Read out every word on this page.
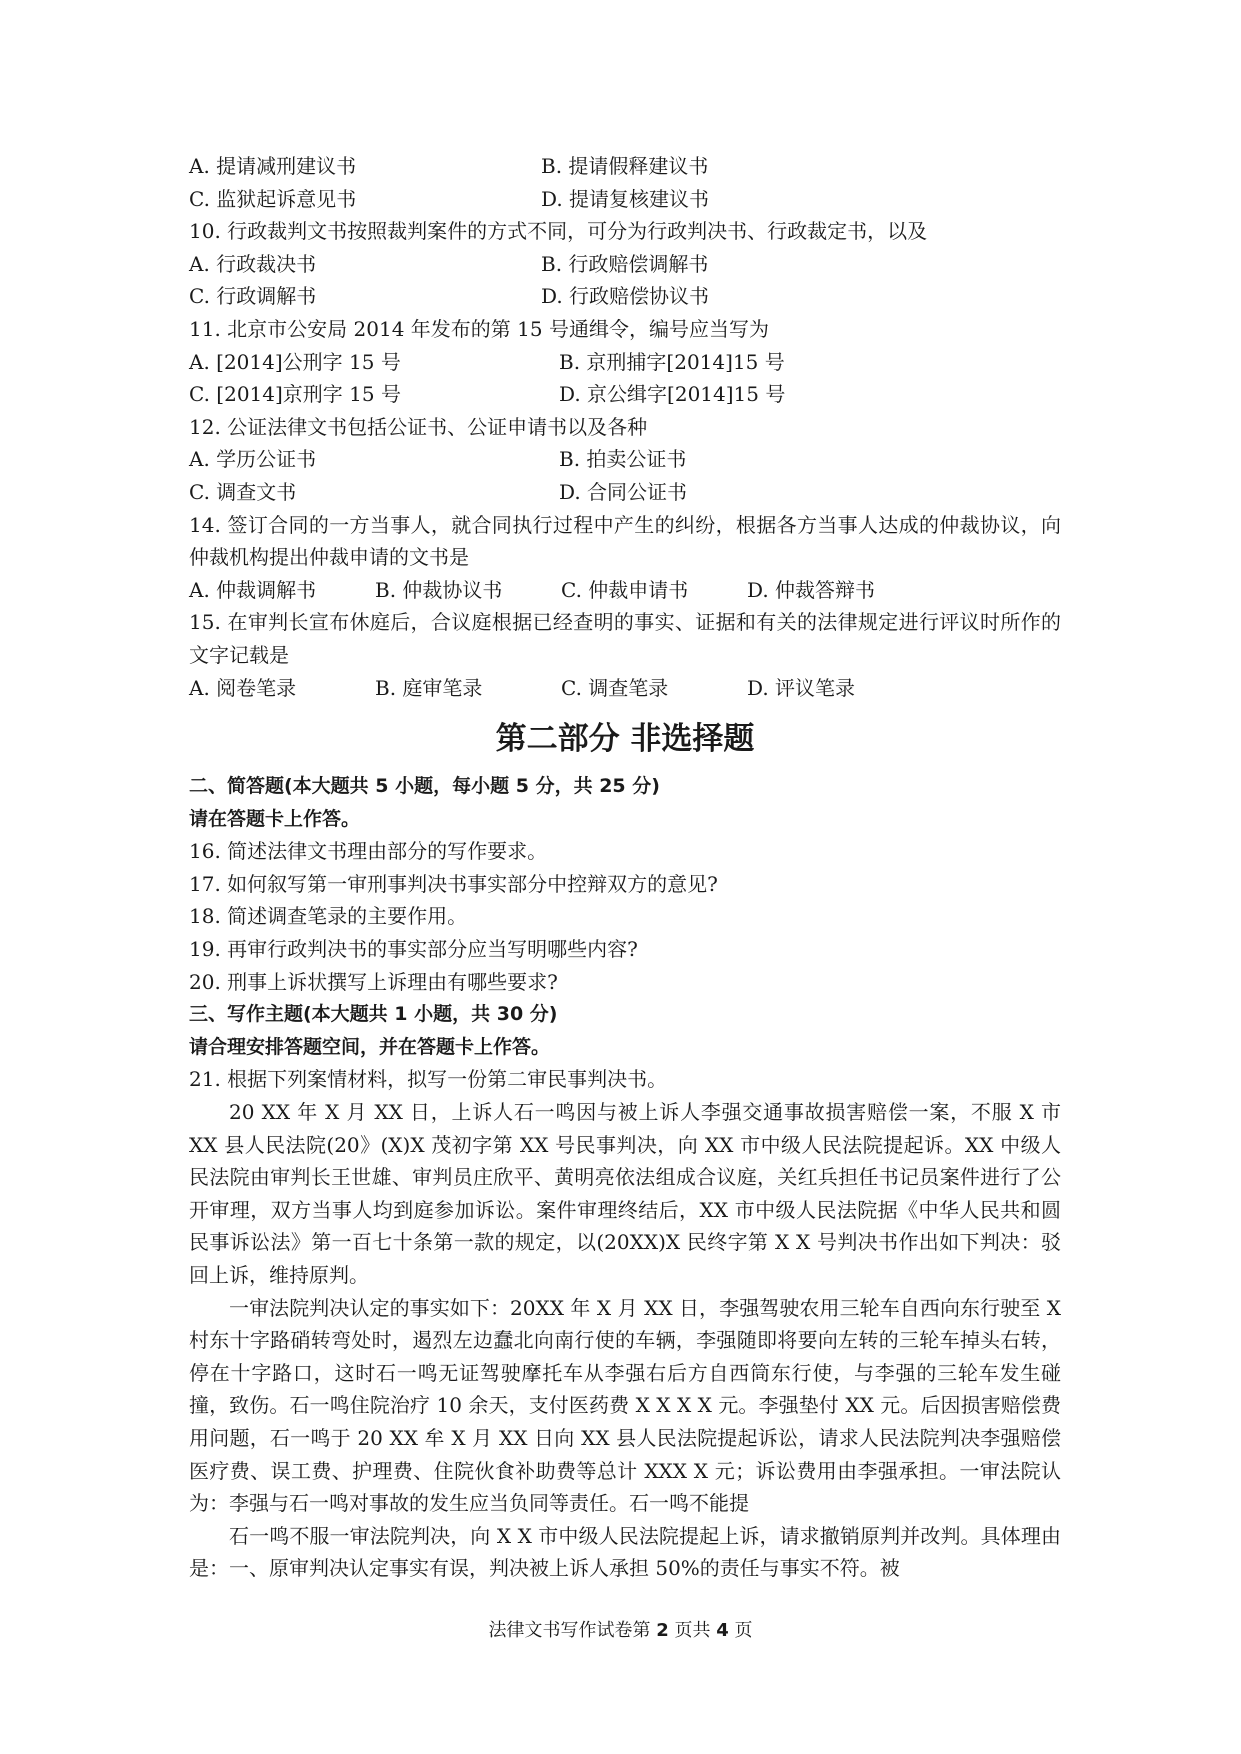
A. 提请减刑建议书	B. 提请假释建议书
C. 监狱起诉意见书	D. 提请复核建议书
10. 行政裁判文书按照裁判案件的方式不同，可分为行政判决书、行政裁定书，以及
A. 行政裁决书	B. 行政赔偿调解书
C. 行政调解书	D. 行政赔偿协议书
11. 北京市公安局 2014 年发布的第 15 号通缉令，编号应当写为
A. [2014]公刑字 15 号	B. 京刑捕字[2014]15 号
C. [2014]京刑字 15 号	D. 京公缉字[2014]15 号
12. 公证法律文书包括公证书、公证申请书以及各种
A. 学历公证书	B. 拍卖公证书
C. 调查文书	D. 合同公证书
14. 签订合同的一方当事人，就合同执行过程中产生的纠纷，根据各方当事人达成的仲裁协议，向仲裁机构提出仲裁申请的文书是
A. 仲裁调解书	B. 仲裁协议书	C. 仲裁申请书	D. 仲裁答辩书
15. 在审判长宣布休庭后，合议庭根据已经查明的事实、证据和有关的法律规定进行评议时所作的文字记载是
A. 阅卷笔录	B. 庭审笔录	C. 调查笔录	D. 评议笔录
第二部分 非选择题
二、简答题(本大题共 5 小题，每小题 5 分，共 25 分)
请在答题卡上作答。
16. 简述法律文书理由部分的写作要求。
17. 如何叙写第一审刑事判决书事实部分中控辩双方的意见?
18. 简述调查笔录的主要作用。
19. 再审行政判决书的事实部分应当写明哪些内容?
20. 刑事上诉状撰写上诉理由有哪些要求?
三、写作主题(本大题共 1 小题，共 30 分)
请合理安排答题空间，并在答题卡上作答。
21. 根据下列案情材料，拟写一份第二审民事判决书。
20 XX 年 X 月 XX 日，上诉人石一鸣因与被上诉人李强交通事故损害赔偿一案，不服 X 市 XX 县人民法院(20》(X)X 茂初字第 XX 号民事判决，向 XX 市中级人民法院提起诉。XX 中级人民法院由审判长王世雄、审判员庄欣平、黄明亮依法组成合议庭，关红兵担任书记员案件进行了公开审理，双方当事人均到庭参加诉讼。案件审理终结后，XX 市中级人民法院据《中华人民共和圆民事诉讼法》第一百七十条第一款的规定，以(20XX)X 民终字第 X X 号判决书作出如下判决：驳回上诉，维持原判。
一审法院判决认定的事实如下：20XX 年 X 月 XX 日，李强驾驶农用三轮车自西向东行驶至 X 村东十字路硝转弯处时，遏烈左边蠢北向南行使的车辆，李强随即将要向左转的三轮车掉头右转，停在十字路口，这时石一鸣无证驾驶摩托车从李强右后方自西筒东行使，与李强的三轮车发生碰撞，致伤。石一鸣住院治疗 10 余天，支付医药费 X X X X 元。李强垫付 XX 元。后因损害赔偿费用问题，石一鸣于 20 XX 牟 X 月 XX 日向 XX 县人民法院提起诉讼，请求人民法院判决李强赔偿医疗费、误工费、护理费、住院伙食补助费等总计 XXX X 元；诉讼费用由李强承担。一审法院认为：李强与石一鸣对事故的发生应当负同等责任。石一鸣不能提
石一鸣不服一审法院判决，向 X X 市中级人民法院提起上诉，请求撤销原判并改判。具体理由是：一、原审判决认定事实有误，判决被上诉人承担 50%的责任与事实不符。被
法律文书写作试卷第 2 页共 4 页
